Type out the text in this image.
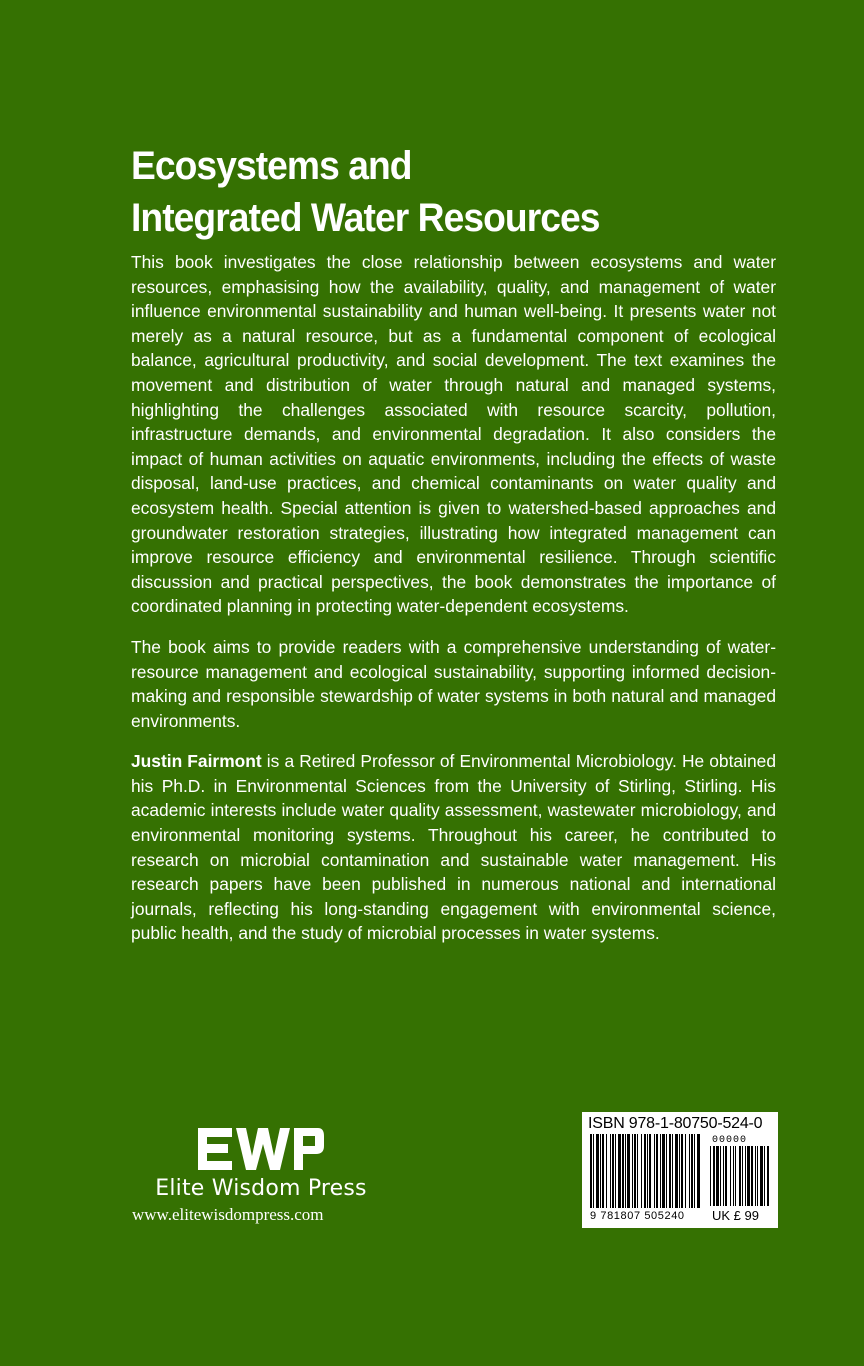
Ecosystems and
Integrated Water Resources

This book investigates the close relationship between ecosystems and water resources, emphasising how the availability, quality, and management of water influence environmental sustainability and human well-being. It presents water not merely as a natural resource, but as a fundamental component of ecological balance, agricultural productivity, and social development. The text examines the movement and distribution of water through natural and managed systems, highlighting the challenges associated with resource scarcity, pollution, infrastructure demands, and environmental degradation. It also considers the impact of human activities on aquatic environments, including the effects of waste disposal, land-use practices, and chemical contaminants on water quality and ecosystem health. Special attention is given to watershed-based approaches and groundwater restoration strategies, illustrating how integrated management can improve resource efficiency and environmental resilience. Through scientific discussion and practical perspectives, the book demonstrates the importance of coordinated planning in protecting water-dependent ecosystems.

The book aims to provide readers with a comprehensive understanding of water-resource management and ecological sustainability, supporting informed decision-making and responsible stewardship of water systems in both natural and managed environments.

Justin Fairmont is a Retired Professor of Environmental Microbiology. He obtained his Ph.D. in Environmental Sciences from the University of Stirling, Stirling. His academic interests include water quality assessment, wastewater microbiology, and environmental monitoring systems. Throughout his career, he contributed to research on microbial contamination and sustainable water management. His research papers have been published in numerous national and international journals, reflecting his long-standing engagement with environmental science, public health, and the study of microbial processes in water systems.

Elite Wisdom Press
www.elitewisdompress.com
ISBN 978-1-80750-524-0
00000
9 781807 505240 UK £ 99
